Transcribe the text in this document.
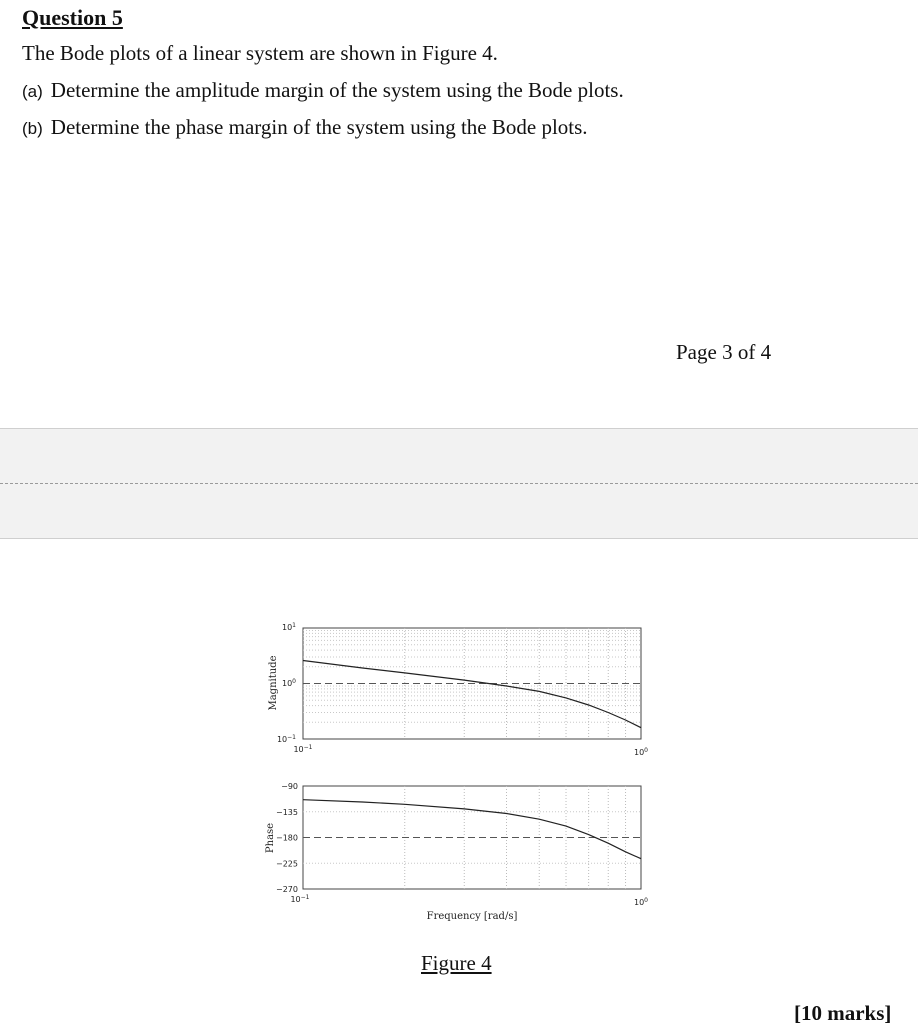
Question 5
The Bode plots of a linear system are shown in Figure 4.
(a) Determine the amplitude margin of the system using the Bode plots.
(b) Determine the phase margin of the system using the Bode plots.
Page 3 of 4
$10^1$
$10^0$
$10^{-1}$
$10^{-1}$
$10^0$
Magnitude
−90
−135
−180
−225
−270
$10^{-1}$
$10^0$
Phase
Frequency [rad/s]
Figure 4
[10 marks]
